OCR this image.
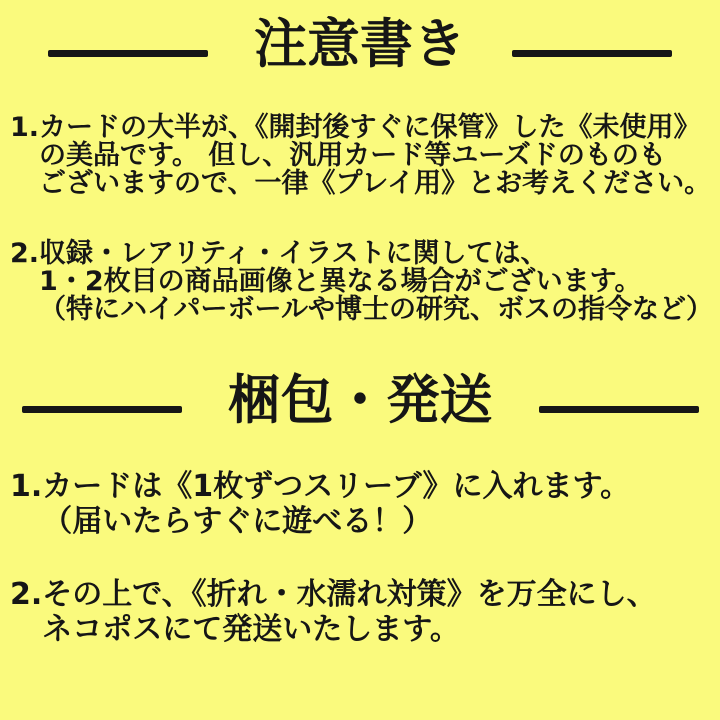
注意書き
1. カードの大半が、《開封後すぐに保管》した《未使用》
の美品です。 但し、汎用カード等ユーズドのものも
ございますので、一律《プレイ用》とお考えください。
2. 収録・レアリティ・イラストに関しては、
1・2枚目の商品画像と異なる場合がございます。
（特にハイパーボールや博士の研究、ボスの指令など）
梱包・発送
1. カードは《1枚ずつスリーブ》に入れます。
（届いたらすぐに遊べる！）
2. その上で、《折れ・水濡れ対策》を万全にし、
ネコポスにて発送いたします。
